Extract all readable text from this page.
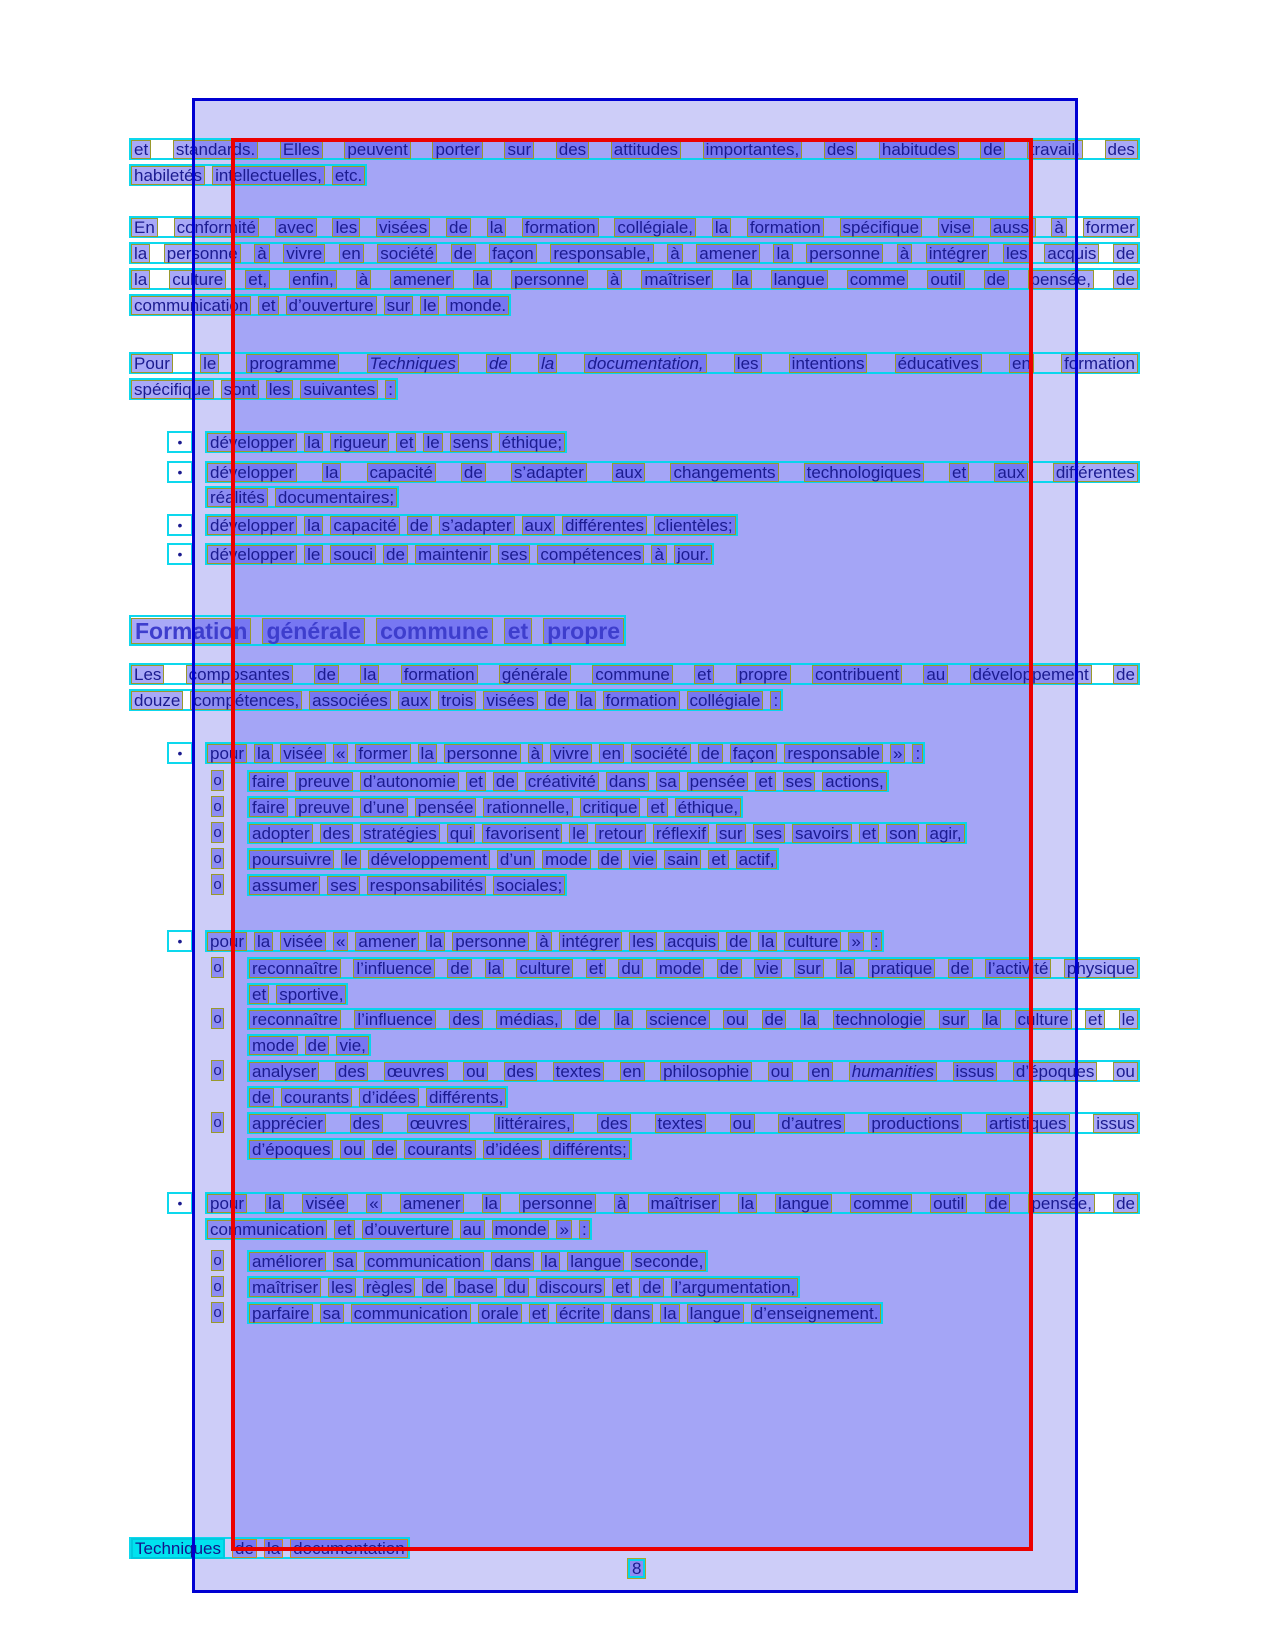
et standards. Elles peuvent porter sur des attitudes importantes, des habitudes de travail, des
habiletés intellectuelles, etc.
En conformité avec les visées de la formation collégiale, la formation spécifique vise aussi à former
la personne à vivre en société de façon responsable, à amener la personne à intégrer les acquis de
la culture et, enfin, à amener la personne à maîtriser la langue comme outil de pensée, de
communication et d’ouverture sur le monde.
Pour le programme Techniques de la documentation, les intentions éducatives en formation
spécifique sont les suivantes :
développer la rigueur et le sens éthique;
•
développer la capacité de s’adapter aux changements technologiques et aux différentes
•
réalités documentaires;
développer la capacité de s’adapter aux différentes clientèles;
•
développer le souci de maintenir ses compétences à jour.
•
Formation générale commune et propre
Les composantes de la formation générale commune et propre contribuent au développement de
douze compétences, associées aux trois visées de la formation collégiale :
pour la visée « former la personne à vivre en société de façon responsable » :
•
faire preuve d’autonomie et de créativité dans sa pensée et ses actions,
o
faire preuve d’une pensée rationnelle, critique et éthique,
o
adopter des stratégies qui favorisent le retour réflexif sur ses savoirs et son agir,
o
poursuivre le développement d’un mode de vie sain et actif,
o
assumer ses responsabilités sociales;
o
pour la visée « amener la personne à intégrer les acquis de la culture » :
•
reconnaître l’influence de la culture et du mode de vie sur la pratique de l’activité physique
o
et sportive,
reconnaître l’influence des médias, de la science ou de la technologie sur la culture et le
o
mode de vie,
analyser des œuvres ou des textes en philosophie ou en humanities issus d’époques ou
o
de courants d’idées différents,
apprécier des œuvres littéraires, des textes ou d’autres productions artistiques issus
o
d’époques ou de courants d’idées différents;
pour la visée « amener la personne à maîtriser la langue comme outil de pensée, de
•
communication et d’ouverture au monde » :
améliorer sa communication dans la langue seconde,
o
maîtriser les règles de base du discours et de l’argumentation,
o
parfaire sa communication orale et écrite dans la langue d’enseignement.
o
Techniques de la documentation
8
